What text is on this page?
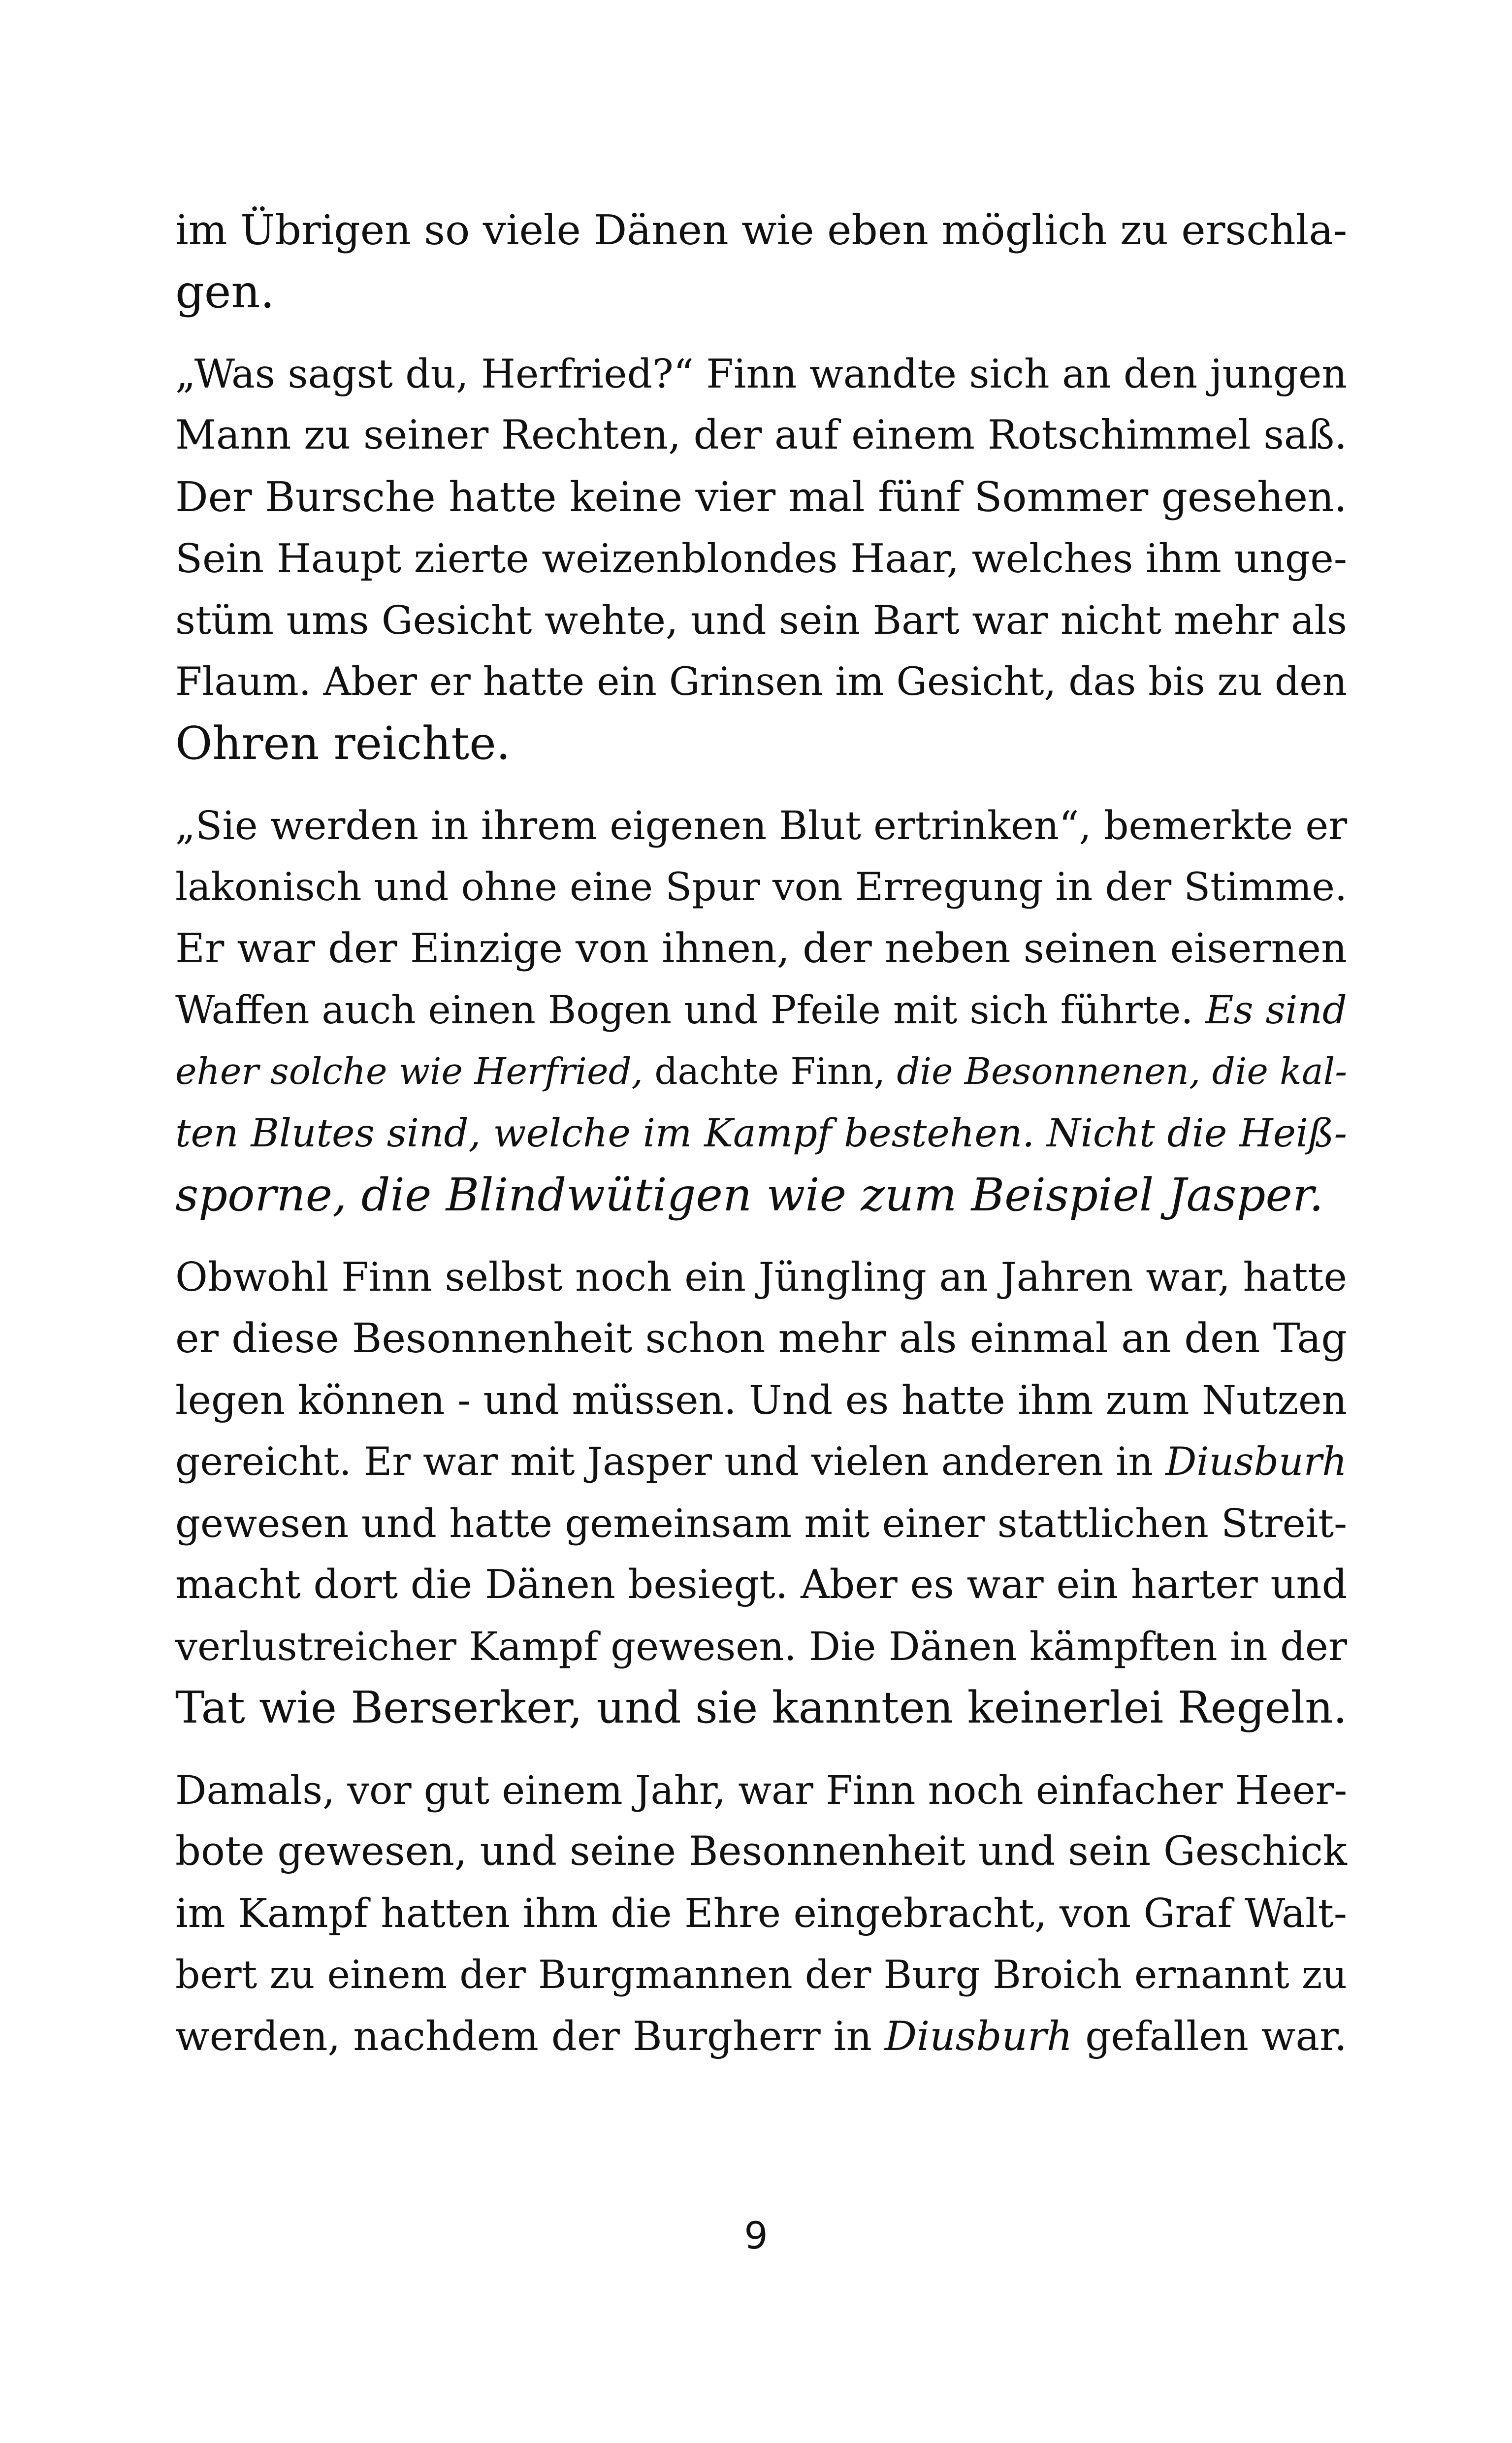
im Übrigen so viele Dänen wie eben möglich zu erschla-
gen.
„Was sagst du, Herfried?“ Finn wandte sich an den jungen
Mann zu seiner Rechten, der auf einem Rotschimmel saß.
Der Bursche hatte keine vier mal fünf Sommer gesehen.
Sein Haupt zierte weizenblondes Haar, welches ihm unge-
stüm ums Gesicht wehte, und sein Bart war nicht mehr als
Flaum. Aber er hatte ein Grinsen im Gesicht, das bis zu den
Ohren reichte.
„Sie werden in ihrem eigenen Blut ertrinken“, bemerkte er
lakonisch und ohne eine Spur von Erregung in der Stimme.
Er war der Einzige von ihnen, der neben seinen eisernen
Waffen auch einen Bogen und Pfeile mit sich führte. Es sind
eher solche wie Herfried, dachte Finn, die Besonnenen, die kal-
ten Blutes sind, welche im Kampf bestehen. Nicht die Heiß-
sporne, die Blindwütigen wie zum Beispiel Jasper.
Obwohl Finn selbst noch ein Jüngling an Jahren war, hatte
er diese Besonnenheit schon mehr als einmal an den Tag
legen können - und müssen. Und es hatte ihm zum Nutzen
gereicht. Er war mit Jasper und vielen anderen in Diusburh
gewesen und hatte gemeinsam mit einer stattlichen Streit-
macht dort die Dänen besiegt. Aber es war ein harter und
verlustreicher Kampf gewesen. Die Dänen kämpften in der
Tat wie Berserker, und sie kannten keinerlei Regeln.
Damals, vor gut einem Jahr, war Finn noch einfacher Heer-
bote gewesen, und seine Besonnenheit und sein Geschick
im Kampf hatten ihm die Ehre eingebracht, von Graf Walt-
bert zu einem der Burgmannen der Burg Broich ernannt zu
werden, nachdem der Burgherr in Diusburh gefallen war.
9
